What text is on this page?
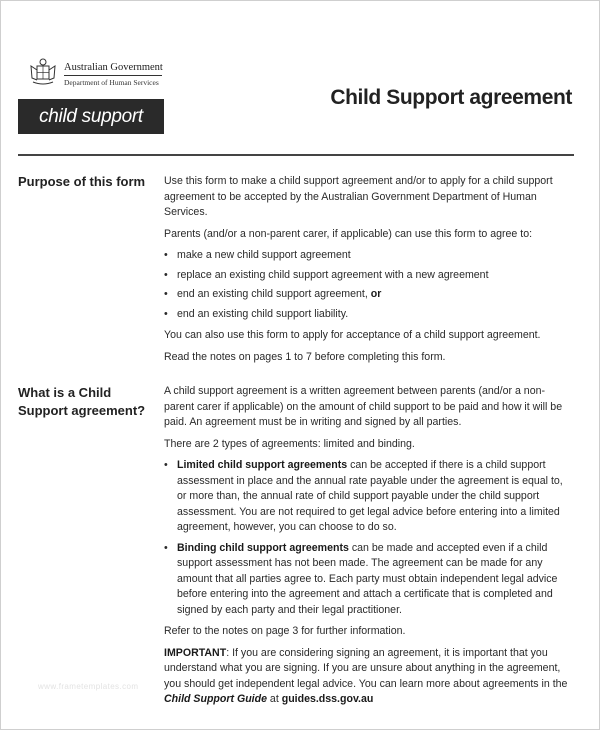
Australian Government
Department of Human Services
child support
Child Support agreement
Purpose of this form Use this form to make a child support agreement and/or to apply for a child support agreement to be accepted by the Australian Government Department of Human Services.

Parents (and/or a non-parent carer, if applicable) can use this form to agree to:

• make a new child support agreement
• replace an existing child support agreement with a new agreement
• end an existing child support agreement, or
• end an existing child support liability.

You can also use this form to apply for acceptance of a child support agreement.

Read the notes on pages 1 to 7 before completing this form.

What is a Child Support agreement?

A child support agreement is a written agreement between parents (and/or a non-parent carer if applicable) on the amount of child support to be paid and how it will be paid. An agreement must be in writing and signed by all parties.

There are 2 types of agreements: limited and binding.

• Limited child support agreements can be accepted if there is a child support assessment in place and the annual rate payable under the agreement is equal to, or more than, the annual rate of child support payable under the child support assessment. You are not required to get legal advice before entering into a limited agreement, however, you can choose to do so.
• Binding child support agreements can be made and accepted even if a child support assessment has not been made. The agreement can be made for any amount that all parties agree to. Each party must obtain independent legal advice before entering into the agreement and attach a certificate that is completed and signed by each party and their legal practitioner.

Refer to the notes on page 3 for further information.

IMPORTANT: If you are considering signing an agreement, it is important that you understand what you are signing. If you are unsure about anything in the agreement, you should get independent legal advice. You can learn more about agreements in the Child Support Guide at guides.dss.gov.au

www.frametemplates.com
